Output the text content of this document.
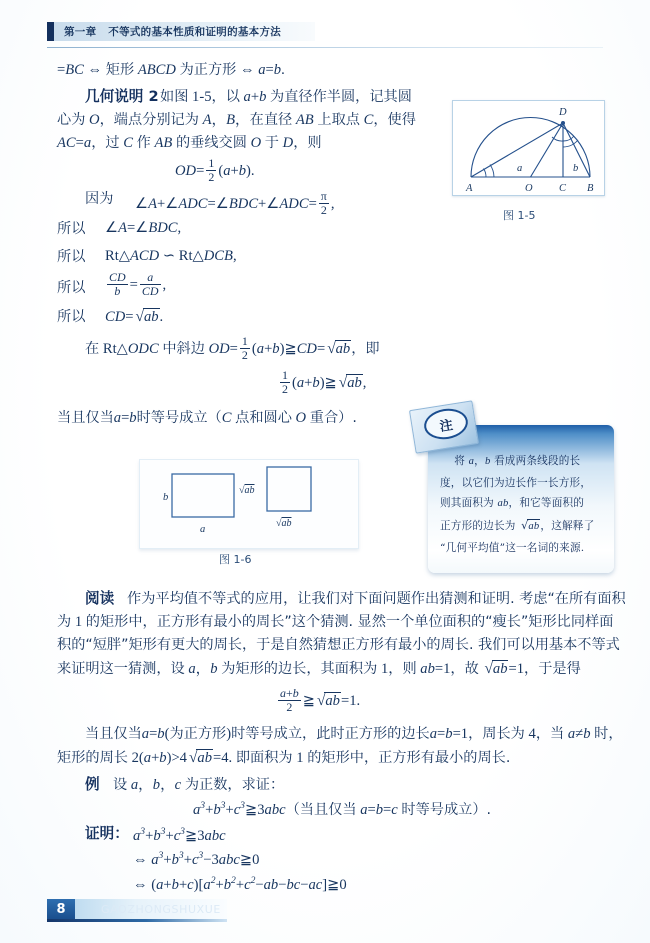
第一章 不等式的基本性质和证明的基本方法
=BC ⇔ 矩形 ABCD 为正方形 ⇔ a=b.
几何说明 2 如图 1-5，以 a+b 为直径作半圆，记其圆
心为 O，端点分别记为 A，B，在直径 AB 上取点 C，使得
AC=a，过 C 作 AB 的垂线交圆 O 于 D，则
$OD= \frac{1}{2} (a+b)$.
因为 ∠A+∠ADC=∠BDC+∠ADC= $\frac{\pi}{2}$ ,
所以 ∠A=∠BDC,
所以 Rt△ACD ∽ Rt△DCB,
所以 $\frac{CD}{b} = \frac{a}{CD}$ ,
所以 CD= √ab.
在 Rt△ODC 中斜边 $OD= \frac{1}{2}$ (a+b)≧CD= √ab，即
$\frac{1}{2}$ (a+b)≧ √ab,
当且仅当a=b时等号成立（C 点和圆心 O 重合）.
A	O	C B
D
a	b
图 1-5
b
a
√ab
√ab
图 1-6
将 a，b 看成两条线段的长
度，以它们为边长作一长方形，
则其面积为 ab，和它等面积的
正方形的边长为 √ab，这解释了
“几何平均值”这一名词的来源.
注
阅读 作为平均值不等式的应用，让我们对下面问题作出猜测和证明. 考虑“在所有面积
为 1 的矩形中，正方形有最小的周长”这个猜测. 显然一个单位面积的“瘦长”矩形比同样面
积的“短胖”矩形有更大的周长，于是自然猜想正方形有最小的周长. 我们可以用基本不等式
来证明这一猜测，设 a，b 为矩形的边长，其面积为 1，则 ab=1，故 √ab=1，于是得
$\frac{a+b}{2}$ ≧ √ab=1.
当且仅当a=b(为正方形)时等号成立，此时正方形的边长a=b=1，周长为 4，当 a≠b 时，
矩形的周长 2(a+b)>4 √ab=4. 即面积为 1 的矩形中，正方形有最小的周长.
例 设 a，b，c 为正数，求证：
$a^3+b^3+c^3≧3abc$（当且仅当 a=b=c 时等号成立）.
证明： $a^3+b^3+c^3≧3abc$
⇔ $a^3+b^3+c^3-3abc≧0$
⇔ $(a+b+c)[a^2+b^2+c^2-ab-bc-ac]≧0$
8	GAOZHONGSHUXUE
